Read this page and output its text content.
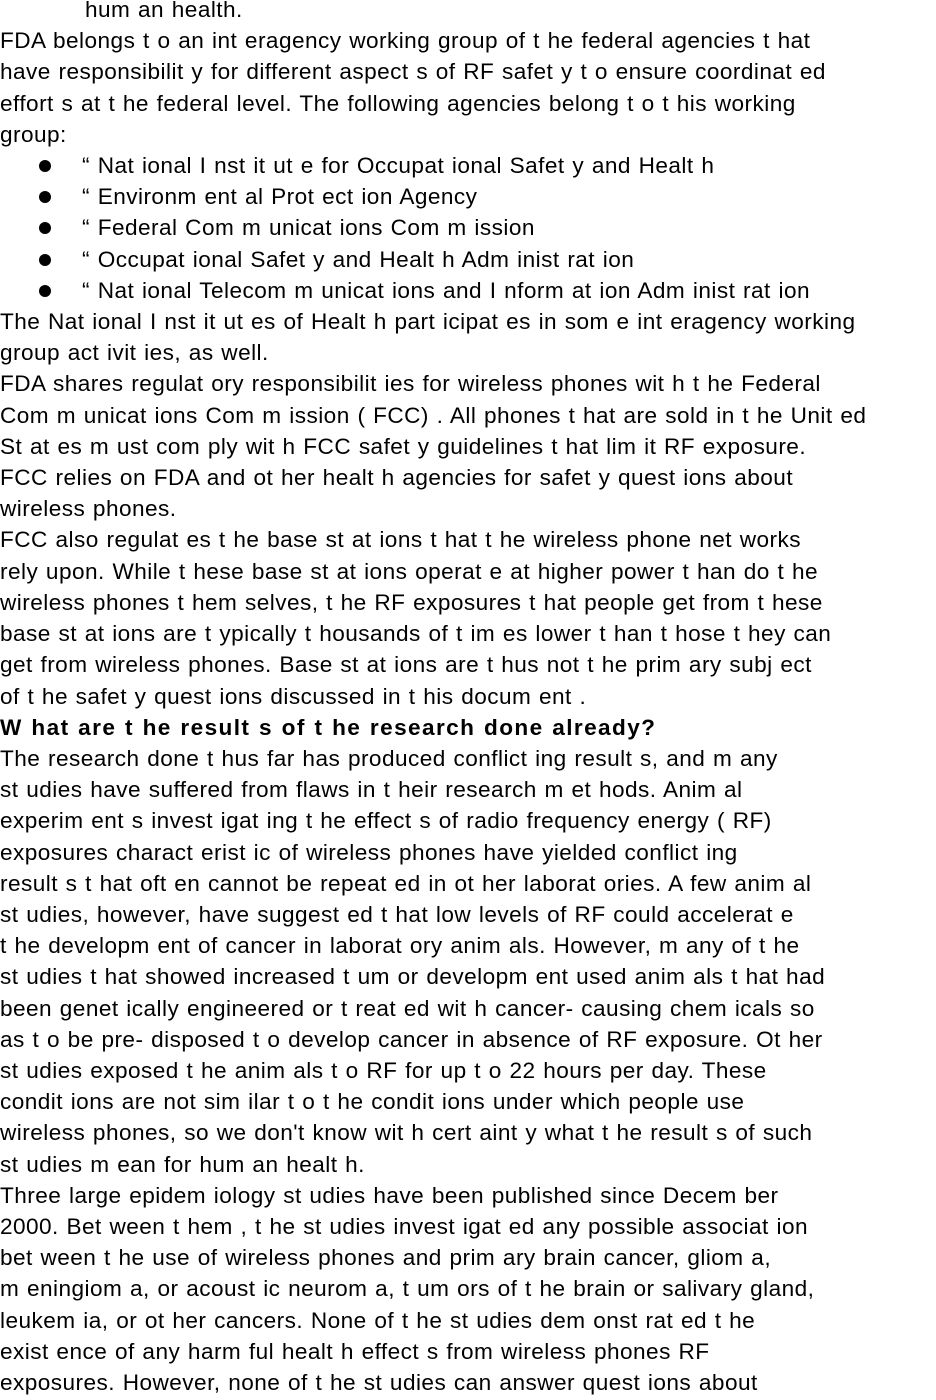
hum an health.
FDA belongs t o an int eragency working group of t he federal agencies t hat
have responsibilit y for different aspect s of RF safet y t o ensure coordinat ed
effort s at t he federal level. The following agencies belong t o t his working
group:
“ Nat ional I nst it ut e for Occupat ional Safet y and Healt h
“ Environm ent al Prot ect ion Agency
“ Federal Com m unicat ions Com m ission
“ Occupat ional Safet y and Healt h Adm inist rat ion
“ Nat ional Telecom m unicat ions and I nform at ion Adm inist rat ion
The Nat ional I nst it ut es of Healt h part icipat es in som e int eragency working
group act ivit ies, as well.
FDA shares regulat ory responsibilit ies for wireless phones wit h t he Federal
Com m unicat ions Com m ission ( FCC) . All phones t hat are sold in t he Unit ed
St at es m ust com ply wit h FCC safet y guidelines t hat lim it RF exposure.
FCC relies on FDA and ot her healt h agencies for safet y quest ions about
wireless phones.
FCC also regulat es t he base st at ions t hat t he wireless phone net works
rely upon. While t hese base st at ions operat e at higher power t han do t he
wireless phones t hem selves, t he RF exposures t hat people get from t hese
base st at ions are t ypically t housands of t im es lower t han t hose t hey can
get from wireless phones. Base st at ions are t hus not t he prim ary subj ect
of t he safet y quest ions discussed in t his docum ent .
W hat are t he result s of t he research done already?
The research done t hus far has produced conflict ing result s, and m any
st udies have suffered from flaws in t heir research m et hods. Anim al
experim ent s invest igat ing t he effect s of radio frequency energy ( RF)
exposures charact erist ic of wireless phones have yielded conflict ing
result s t hat oft en cannot be repeat ed in ot her laborat ories. A few anim al
st udies, however, have suggest ed t hat low levels of RF could accelerat e
t he developm ent of cancer in laborat ory anim als. However, m any of t he
st udies t hat showed increased t um or developm ent used anim als t hat had
been genet ically engineered or t reat ed wit h cancer- causing chem icals so
as t o be pre- disposed t o develop cancer in absence of RF exposure. Ot her
st udies exposed t he anim als t o RF for up t o 22 hours per day. These
condit ions are not sim ilar t o t he condit ions under which people use
wireless phones, so we don't know wit h cert aint y what t he result s of such
st udies m ean for hum an healt h.
Three large epidem iology st udies have been published since Decem ber
2000. Bet ween t hem , t he st udies invest igat ed any possible associat ion
bet ween t he use of wireless phones and prim ary brain cancer, gliom a,
m eningiom a, or acoust ic neurom a, t um ors of t he brain or salivary gland,
leukem ia, or ot her cancers. None of t he st udies dem onst rat ed t he
exist ence of any harm ful healt h effect s from wireless phones RF
exposures. However, none of t he st udies can answer quest ions about
